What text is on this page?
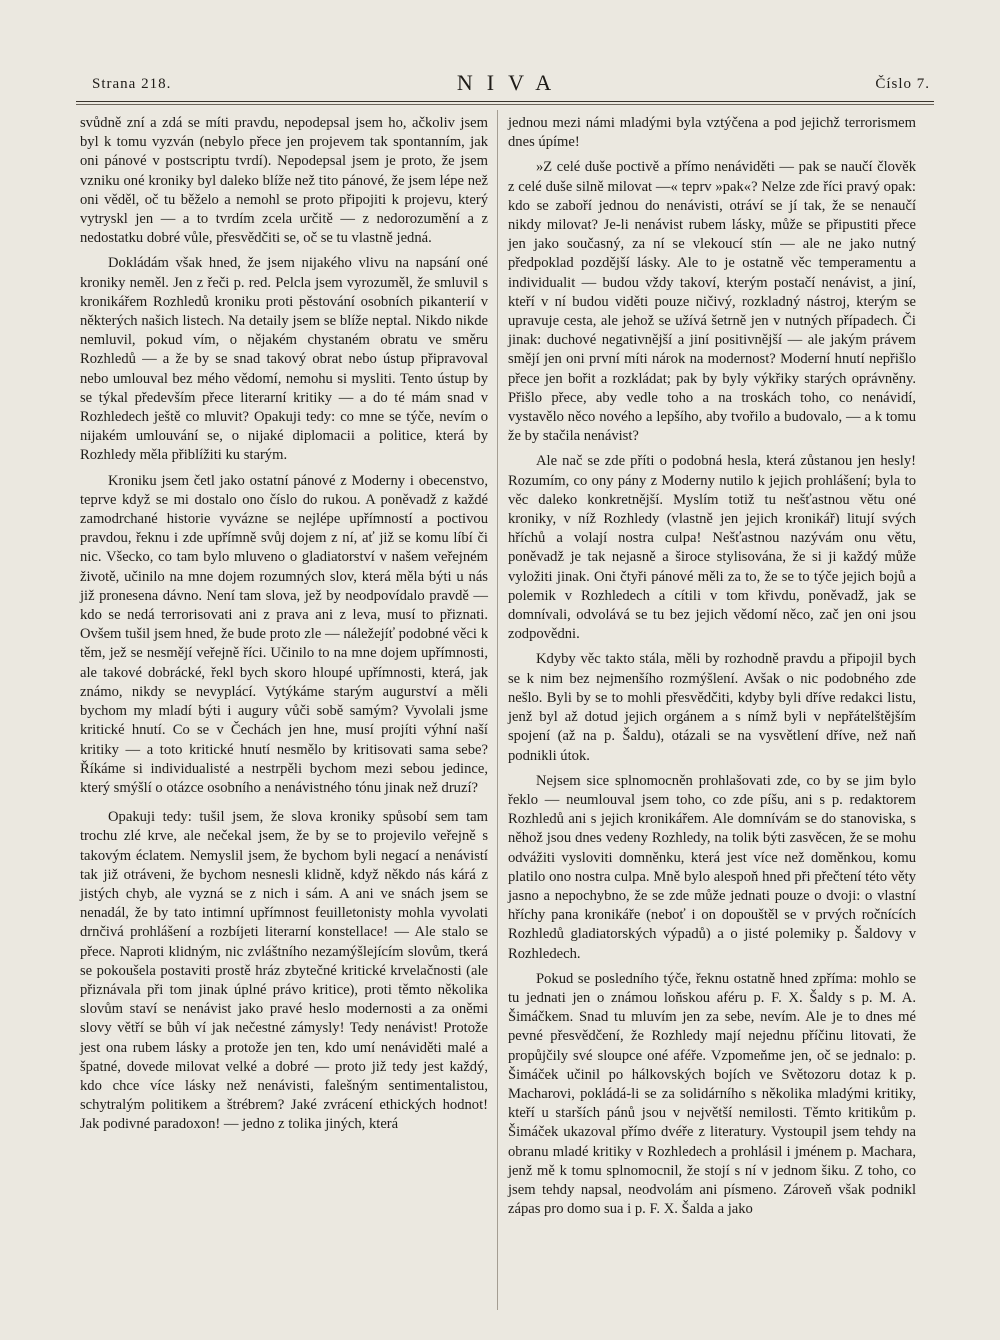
Strana 218.	NIVA	Číslo 7.

svůdně zní a zdá se míti pravdu, nepodepsal jsem ho, ačkoliv jsem byl k tomu vyzván (nebylo přece jen projevem tak spontanním, jak oni pánové v postscriptu tvrdí). Nepodepsal jsem je proto, že jsem vzniku oné kroniky byl daleko blíže než tito pánové, že jsem lépe než oni věděl, oč tu běželo a nemohl se proto připojiti k projevu, který vytryskl jen — a to tvrdím zcela určitě — z nedorozumění a z nedostatku dobré vůle, přesvědčiti se, oč se tu vlastně jedná.

Dokládám však hned, že jsem nijakého vlivu na napsání oné kroniky neměl. Jen z řeči p. red. Pelcla jsem vyrozuměl, že smluvil s kronikářem Rozhledů kroniku proti pěstování osobních pikanterií v některých našich listech. Na detaily jsem se blíže neptal. Nikdo nikde nemluvil, pokud vím, o nějakém chystaném obratu ve směru Rozhledů — a že by se snad takový obrat nebo ústup připravoval nebo umlouval bez mého vědomí, nemohu si mysliti. Tento ústup by se týkal především přece literarní kritiky — a do té mám snad v Rozhledech ještě co mluvit? Opakuji tedy: co mne se týče, nevím o nijakém umlouvání se, o nijaké diplomacii a politice, která by Rozhledy měla přiblížiti ku starým.

Kroniku jsem četl jako ostatní pánové z Moderny i obecenstvo, teprve když se mi dostalo ono číslo do rukou. A poněvadž z každé zamodrchané historie vyvázne se nejlépe upřímností a poctivou pravdou, řeknu i zde upřímně svůj dojem z ní, ať již se komu líbí či nic. Všecko, co tam bylo mluveno o gladiatorství v našem veřejném životě, učinilo na mne dojem rozumných slov, která měla býti u nás již pronesena dávno. Není tam slova, jež by neodpovídalo pravdě — kdo se nedá terrorisovati ani z prava ani z leva, musí to přiznati. Ovšem tušil jsem hned, že bude proto zle — náležejíť podobné věci k těm, jež se nesmějí veřejně říci. Učinilo to na mne dojem upřímnosti, ale takové dobrácké, řekl bych skoro hloupé upřímnosti, která, jak známo, nikdy se nevyplácí. Vytýkáme starým augurství a měli bychom my mladí býti i augury vůči sobě samým? Vyvolali jsme kritické hnutí. Co se v Čechách jen hne, musí projíti výhní naší kritiky — a toto kritické hnutí nesmělo by kritisovati sama sebe? Říkáme si individualisté a nestrpěli bychom mezi sebou jedince, který smýšlí o otázce osobního a nenávistného tónu jinak než druzí?

Opakuji tedy: tušil jsem, že slova kroniky spůsobí sem tam trochu zlé krve, ale nečekal jsem, že by se to projevilo veřejně s takovým éclatem. Nemyslil jsem, že bychom byli negací a nenávistí tak již otráveni, že bychom nesnesli klidně, když někdo nás kárá z jistých chyb, ale vyzná se z nich i sám. A ani ve snách jsem se nenadál, že by tato intimní upřímnost feuilletonisty mohla vyvolati drnčivá prohlášení a rozbíjeti literarní konstellace! — Ale stalo se přece. Naproti klidným, nic zvláštního nezamýšlejícím slovům, tkerá se pokoušela postaviti prostě hráz zbytečné kritické krvelačnosti (ale přiznávala při tom jinak úplné právo kritice), proti těmto několika slovům staví se nenávist jako pravé heslo modernosti a za oněmi slovy větří se bůh ví jak nečestné zámysly! Tedy nenávist! Protože jest ona rubem lásky a protože jen ten, kdo umí nenáviděti malé a špatné, dovede milovat velké a dobré — proto již tedy jest každý, kdo chce více lásky než nenávisti, falešným sentimentalistou, schytralým politikem a štrébrem? Jaké zvrácení ethických hodnot! Jak podivné paradoxon! — jedno z tolika jiných, která

jednou mezi námi mladými byla vztýčena a pod jejichž terrorismem dnes úpíme!

»Z celé duše poctivě a přímo nenáviděti — pak se naučí člověk z celé duše silně milovat —« teprv »pak«? Nelze zde říci pravý opak: kdo se zaboří jednou do nenávisti, otráví se jí tak, že se nenaučí nikdy milovat? Je-li nenávist rubem lásky, může se připustiti přece jen jako současný, za ní se vlekoucí stín — ale ne jako nutný předpoklad pozdější lásky. Ale to je ostatně věc temperamentu a individualit — budou vždy takoví, kterým postačí nenávist, a jiní, kteří v ní budou viděti pouze ničivý, rozkladný nástroj, kterým se upravuje cesta, ale jehož se užívá šetrně jen v nutných případech. Či jinak: duchové negativnější a jiní positivnější — ale jakým právem smějí jen oni první míti nárok na modernost? Moderní hnutí nepřišlo přece jen bořit a rozkládat; pak by byly výkřiky starých oprávněny. Přišlo přece, aby vedle toho a na troskách toho, co nenávidí, vystavělo něco nového a lepšího, aby tvořilo a budovalo, — a k tomu že by stačila nenávist?

Ale nač se zde příti o podobná hesla, která zůstanou jen hesly! Rozumím, co ony pány z Moderny nutilo k jejich prohlášení; byla to věc daleko konkretnější. Myslím totiž tu nešťastnou větu oné kroniky, v níž Rozhledy (vlastně jen jejich kronikář) litují svých hříchů a volají nostra culpa! Nešťastnou nazývám onu větu, poněvadž je tak nejasně a široce stylisována, že si ji každý může vyložiti jinak. Oni čtyři pánové měli za to, že se to týče jejich bojů a polemik v Rozhledech a cítili v tom křivdu, poněvadž, jak se domnívali, odvolává se tu bez jejich vědomí něco, zač jen oni jsou zodpovědni.

Kdyby věc takto stála, měli by rozhodně pravdu a připojil bych se k nim bez nejmenšího rozmýšlení. Avšak o nic podobného zde nešlo. Byli by se to mohli přesvědčiti, kdyby byli dříve redakci listu, jenž byl až dotud jejich orgánem a s nímž byli v nepřátelštějším spojení (až na p. Šaldu), otázali se na vysvětlení dříve, než naň podnikli útok.

Nejsem sice splnomocněn prohlašovati zde, co by se jim bylo řeklo — neumlouval jsem toho, co zde píšu, ani s p. redaktorem Rozhledů ani s jejich kronikářem. Ale domnívám se do stanoviska, s něhož jsou dnes vedeny Rozhledy, na tolik býti zasvěcen, že se mohu odvážiti vysloviti domněnku, která jest více než doměnkou, komu platilo ono nostra culpa. Mně bylo alespoň hned při přečtení této věty jasno a nepochybno, že se zde může jednati pouze o dvoji: o vlastní hříchy pana kronikáře (neboť i on dopouštěl se v prvých ročnících Rozhledů gladiatorských výpadů) a o jisté polemiky p. Šaldovy v Rozhledech.

Pokud se posledního týče, řeknu ostatně hned zpříma: mohlo se tu jednati jen o známou loňskou aféru p. F. X. Šaldy s p. M. A. Šimáčkem. Snad tu mluvím jen za sebe, nevím. Ale je to dnes mé pevné přesvědčení, že Rozhledy mají nejednu příčinu litovati, že propůjčily své sloupce oné aféře. Vzpomeňme jen, oč se jednalo: p. Šimáček učinil po hálkovských bojích ve Světozoru dotaz k p. Macharovi, pokládá-li se za solidárního s několika mladými kritiky, kteří u starších pánů jsou v největší nemilosti. Těmto kritikům p. Šimáček ukazoval přímo dvéře z literatury. Vystoupil jsem tehdy na obranu mladé kritiky v Rozhledech a prohlásil i jménem p. Machara, jenž mě k tomu splnomocnil, že stojí s ní v jednom šiku. Z toho, co jsem tehdy napsal, neodvolám ani písmeno. Zároveň však podnikl zápas pro domo sua i p. F. X. Šalda a jako
